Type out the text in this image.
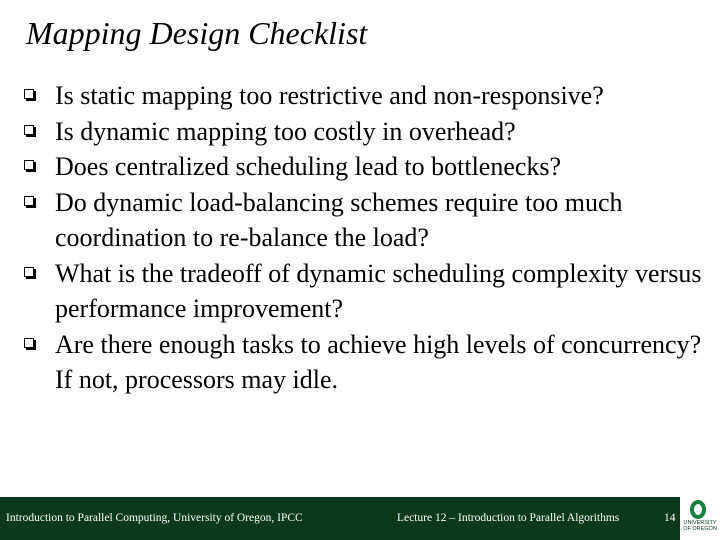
Mapping Design Checklist
Is static mapping too restrictive and non-responsive?
Is dynamic mapping too costly in overhead?
Does centralized scheduling lead to bottlenecks?
Do dynamic load-balancing schemes require too much coordination to re-balance the load?
What is the tradeoff of dynamic scheduling complexity versus performance improvement?
Are there enough tasks to achieve high levels of concurrency? If not, processors may idle.
Introduction to Parallel Computing, University of Oregon, IPCC	Lecture 12 – Introduction to Parallel Algorithms	14 UNIVERSITY OF OREGON
